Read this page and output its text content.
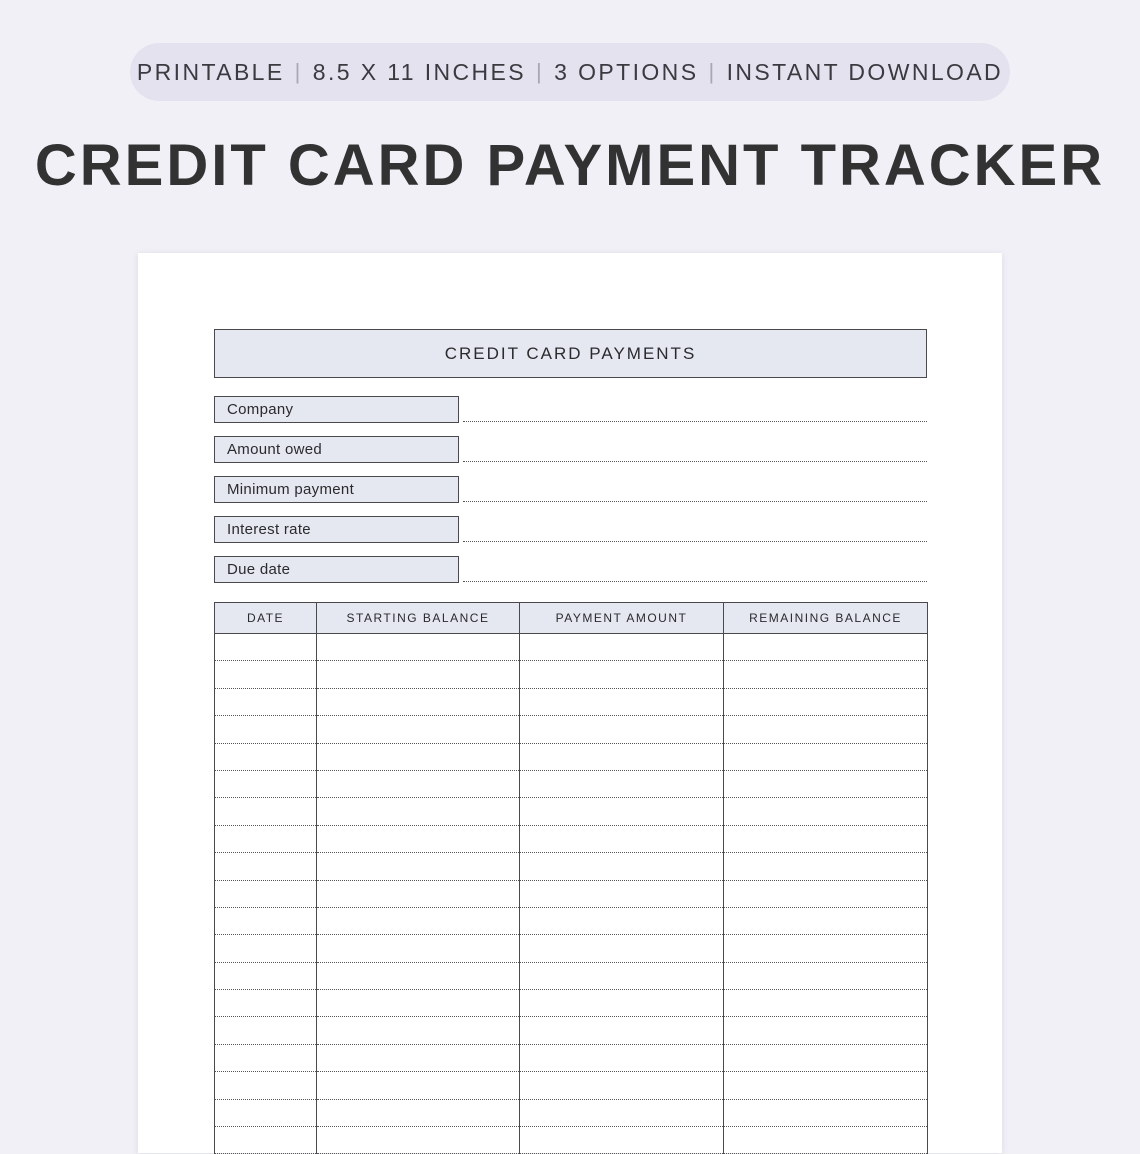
PRINTABLE | 8.5 X 11 INCHES | 3 OPTIONS | INSTANT DOWNLOAD
CREDIT CARD PAYMENT TRACKER
CREDIT CARD PAYMENTS
Company
Amount owed
Minimum payment
Interest rate
Due date
DATE	STARTING BALANCE	PAYMENT AMOUNT	REMAINING BALANCE
